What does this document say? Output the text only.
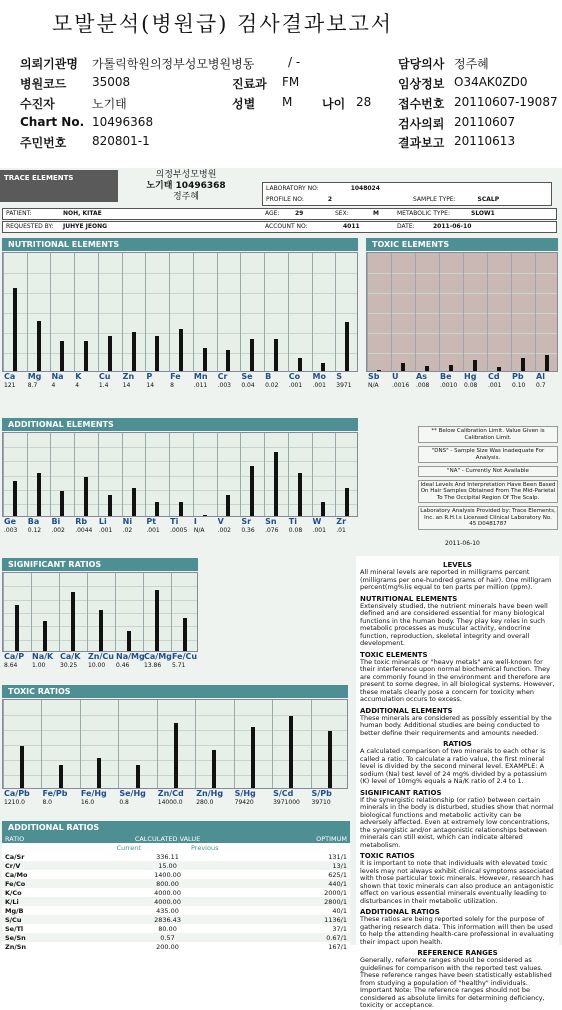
모발분석(병원급) 검사결과보고서
의뢰기관명 가톨릭학원의정부성모병원병동	/ -	담당의사 정주혜
병원코드 35008	진료과 FM	임상정보 O34AK0ZD0
수진자	노기태	성별 M 나이 28 접수번호 20110607-19087
Chart No. 10496368	검사의뢰 20110607
주민번호 820801-1	결과보고 20110613
TRACE ELEMENTS	의정부성모병원
노기태 10496368
정주혜
LABORATORY NO:	1048024
PROFILE NO:	2	SAMPLE TYPE:	SCALP
PATIENT:	NOH, KITAE	AGE:	29	SEX:	M	METABOLIC TYPE:	SLOW1
REQUESTED BY: JUHYE JEONG	ACCOUNT NO:	4011	DATE:	2011-06-10
NUTRITIONAL ELEMENTS
Ca
121
Mg
8.7
Na
4
K
4
Cu
1.4
Zn
14
P
14
Fe
8
Mn
.011
Cr
.003
Se
0.04
B
0.02
Co
.001
Mo
.001
S
3971
TOXIC ELEMENTS
Sb
N/A
U
.0016
As
.008
Be
.0010
Hg
0.08
Cd
.001
Pb
0.10
Al
0.7
ADDITIONAL ELEMENTS
Ge
.003
Ba
0.12
Bi
.002
Rb
.0044
Li
.001
Ni
.02
Pt
.001
Ti
.0005
I
N/A
V
.002
Sr
0.36
Sn
.076
Ti
0.08
W
.001
Zr
.01
SIGNIFICANT RATIOS
Ca/P
8.64
Na/K
1.00
Ca/K
30.25
Zn/Cu
10.00
Na/Mg
0.46
Ca/Mg
13.86
Fe/Cu
5.71
TOXIC RATIOS
Ca/Pb
1210.0
Fe/Pb
8.0
Fe/Hg
16.0
Se/Hg
0.8
Zn/Cd
14000.0
Zn/Hg
280.0
S/Hg
79420
S/Cd
3971000
S/Pb
39710
** Below Calibration Limit. Value Given is Calibration Limit.
"DNS" - Sample Size Was Inadequate For Analysis.
"NA" - Currently Not Available
Ideal Levels And Interpretation Have Been Based On Hair Samples Obtained From The Mid-Parietal To The Occipital Region Of The Scalp.
Laboratory Analysis Provided by: Trace Elements, Inc. an R.H.I.s Licensed Clinical Laboratory No. 45 D0481787
2011-06-10
LEVELS
All mineral levels are reported in milligrams percent (milligrams per one-hundred grams of hair). One milligram percent(mg%)is equal to ten parts per million (ppm).
NUTRITIONAL ELEMENTS
Extensively studied, the nutrient minerals have been well defined and are considered essential for many biological functions in the human body. They play key roles in such metabolic processes as muscular activity, endocrine function, reproduction, skeletal integrity and overall development.
TOXIC ELEMENTS
The toxic minerals or "heavy metals" are well-known for their interference upon normal biochemical function. They are commonly found in the environment and therefore are present to some degree, in all biological systems. However, these metals clearly pose a concern for toxicity when accumulation occurs to excess.
ADDITIONAL ELEMENTS
These minerals are considered as possibly essential by the human body. Additional studies are being conducted to better define their requirements and amounts needed.
RATIOS
A calculated comparison of two minerals to each other is called a ratio. To calculate a ratio value, the first mineral level is divided by the second mineral level. EXAMPLE: A sodium (Na) test level of 24 mg% divided by a potassium (K) level of 10mg% equals a Na/K ratio of 2.4 to 1.
SIGNIFICANT RATIOS
If the synergistic relationship (or ratio) between certain minerals in the body is disturbed, studies show that normal biological functions and metabolic activity can be adversely affected. Even at extremely low concentrations, the synergistic and/or antagonistic relationships between minerals can still exist, which can indicate altered metabolism.
TOXIC RATIOS
It is important to note that individuals with elevated toxic levels may not always exhibit clinical symptoms associated with those particular toxic minerals. However, research has shown that toxic minerals can also produce an antagonistic effect on various essential minerals eventually leading to disturbances in their metabolic utilization.
ADDITIONAL RATIOS
These ratios are being reported solely for the purpose of gathering research data. This information will then be used to help the attending health-care professional in evaluating their impact upon health.
REFERENCE RANGES
Generally, reference ranges should be considered as guidelines for comparison with the reported test values. These reference ranges have been statistically established from studying a population of "healthy" individuals.
Important Note: The reference ranges should not be considered as absolute limits for determining deficiency, toxicity or acceptance.
ADDITIONAL RATIOS
RATIO	CALCULATED VALUE	OPTIMUM
	Current Previous	
Ca/Sr	336.11	131/1
Cr/V	15.00	13/1
Ca/Mo	1400.00	625/1
Fe/Co	800.00	440/1
K/Co	4000.00	2000/1
K/Li	4000.00	2800/1
Mg/B	435.00	40/1
S/Cu	2836.43	1136/1
Se/Tl	80.00	37/1
Se/Sn	0.57	0.67/1
Zn/Sn	200.00	167/1
